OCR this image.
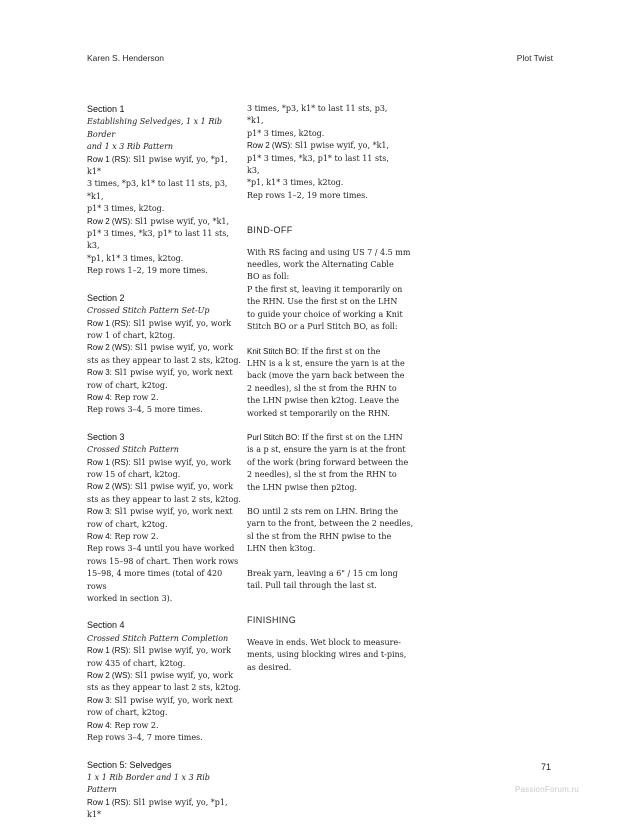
Karen S. Henderson	Plot Twist
Section 1
Establishing Selvedges, 1 x 1 Rib Border
and 1 x 3 Rib Pattern
Row 1 (RS): Sl1 pwise wyif, yo, *p1, k1*
3 times, *p3, k1* to last 11 sts, p3, *k1,
p1* 3 times, k2tog.
Row 2 (WS): Sl1 pwise wyif, yo, *k1,
p1* 3 times, *k3, p1* to last 11 sts, k3,
*p1, k1* 3 times, k2tog.
Rep rows 1–2, 19 more times.
Section 2
Crossed Stitch Pattern Set-Up
Row 1 (RS): Sl1 pwise wyif, yo, work
row 1 of chart, k2tog.
Row 2 (WS): Sl1 pwise wyif, yo, work
sts as they appear to last 2 sts, k2tog.
Row 3: Sl1 pwise wyif, yo, work next
row of chart, k2tog.
Row 4: Rep row 2.
Rep rows 3–4, 5 more times.
Section 3
Crossed Stitch Pattern
Row 1 (RS): Sl1 pwise wyif, yo, work
row 15 of chart, k2tog.
Row 2 (WS): Sl1 pwise wyif, yo, work
sts as they appear to last 2 sts, k2tog.
Row 3: Sl1 pwise wyif, yo, work next
row of chart, k2tog.
Row 4: Rep row 2.
Rep rows 3–4 until you have worked
rows 15–98 of chart. Then work rows
15–98, 4 more times (total of 420 rows
worked in section 3).
Section 4
Crossed Stitch Pattern Completion
Row 1 (RS): Sl1 pwise wyif, yo, work
row 435 of chart, k2tog.
Row 2 (WS): Sl1 pwise wyif, yo, work
sts as they appear to last 2 sts, k2tog.
Row 3: Sl1 pwise wyif, yo, work next
row of chart, k2tog.
Row 4: Rep row 2.
Rep rows 3–4, 7 more times.
Section 5: Selvedges
1 x 1 Rib Border and 1 x 3 Rib Pattern
Row 1 (RS): Sl1 pwise wyif, yo, *p1, k1*
3 times, *p3, k1* to last 11 sts, p3, *k1,
p1* 3 times, k2tog.
Row 2 (WS): Sl1 pwise wyif, yo, *k1,
p1* 3 times, *k3, p1* to last 11 sts, k3,
*p1, k1* 3 times, k2tog.
Rep rows 1–2, 19 more times.
BIND-OFF
With RS facing and using US 7 / 4.5 mm
needles, work the Alternating Cable
BO as foll:
P the first st, leaving it temporarily on
the RHN. Use the first st on the LHN
to guide your choice of working a Knit
Stitch BO or a Purl Stitch BO, as foll:
Knit Stitch BO: If the first st on the
LHN is a k st, ensure the yarn is at the
back (move the yarn back between the
2 needles), sl the st from the RHN to
the LHN pwise then k2tog. Leave the
worked st temporarily on the RHN.
Purl Stitch BO: If the first st on the LHN
is a p st, ensure the yarn is at the front
of the work (bring forward between the
2 needles), sl the st from the RHN to
the LHN pwise then p2tog.
BO until 2 sts rem on LHN. Bring the
yarn to the front, between the 2 needles,
sl the st from the RHN pwise to the
LHN then k3tog.
Break yarn, leaving a 6" / 15 cm long
tail. Pull tail through the last st.
FINISHING
Weave in ends. Wet block to measure-
ments, using blocking wires and t-pins,
as desired.
71
PassionForum.ru
